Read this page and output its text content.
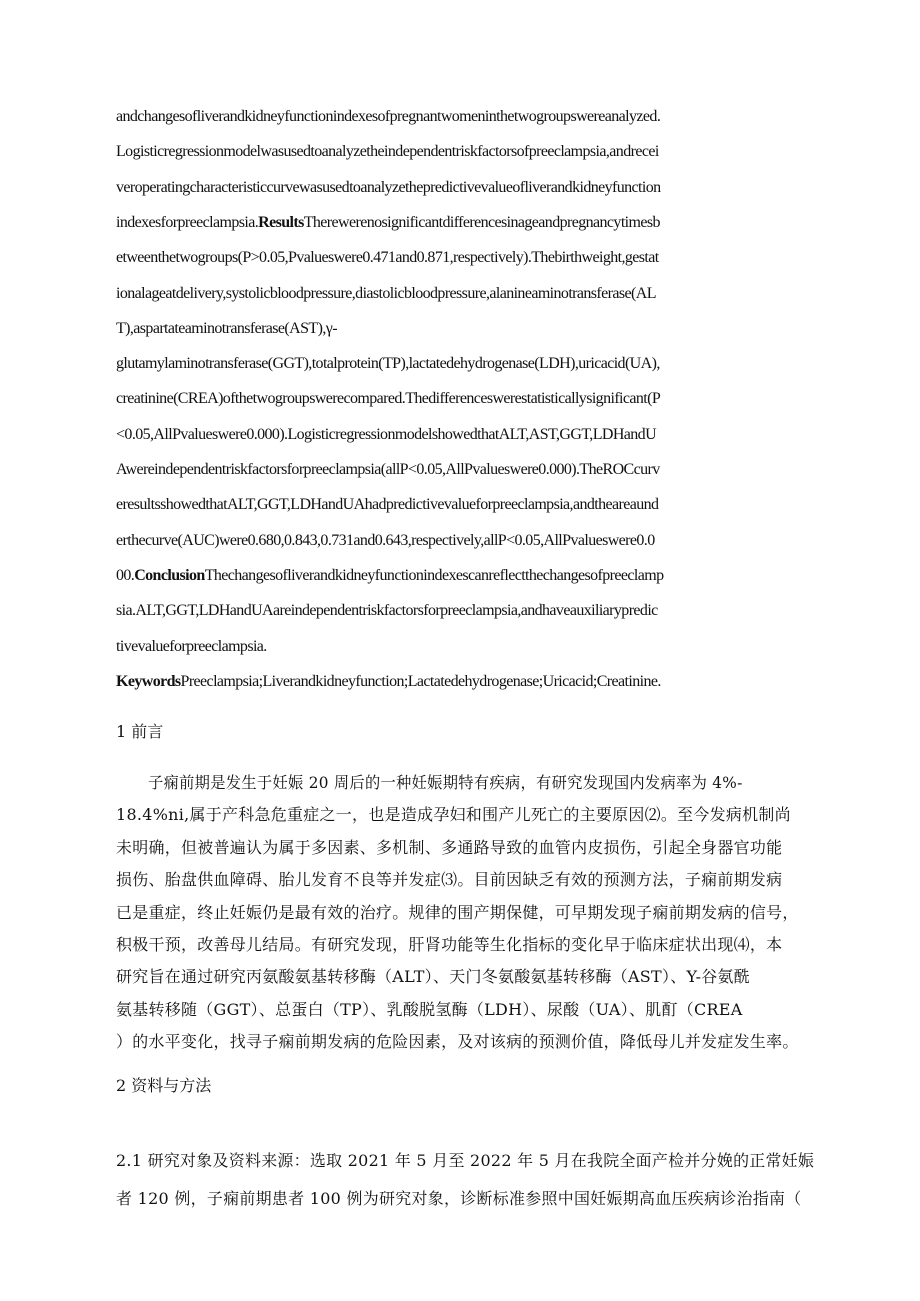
andchangesofliverandkidneyfunctionindexesofpregnantwomeninthetwogroupswereanalyzed.
Logisticregressionmodelwasusedtoanalyzetheindependentriskfactorsofpreeclampsia,andrecei
veroperatingcharacteristiccurvewasusedtoanalyzethepredictivevalueofliverandkidneyfunction
indexesforpreeclampsia.ResultsTherewerenosignificantdifferencesinageandpregnancytimesb
etweenthetwogroups(P>0.05,Pvalueswere0.471and0.871,respectively).Thebirthweight,gestat
ionalageatdelivery,systolicbloodpressure,diastolicbloodpressure,alanineaminotransferase(AL
T),aspartateaminotransferase(AST),γ-
glutamylaminotransferase(GGT),totalprotein(TP),lactatedehydrogenase(LDH),uricacid(UA),
creatinine(CREA)ofthetwogroupswerecompared.Thedifferenceswerestatisticallysignificant(P
<0.05,AllPvalueswere0.000).LogisticregressionmodelshowedthatALT,AST,GGT,LDHandU
Awereindependentriskfactorsforpreeclampsia(allP<0.05,AllPvalueswere0.000).TheROCcurv
eresultsshowedthatALT,GGT,LDHandUAhadpredictivevalueforpreeclampsia,andtheareaund
erthecurve(AUC)were0.680,0.843,0.731and0.643,respectively,allP<0.05,AllPvalueswere0.0
00.ConclusionThechangesofliverandkidneyfunctionindexescanreflectthechangesofpreeclamp
sia.ALT,GGT,LDHandUAareindependentriskfactorsforpreeclampsia,andhaveauxiliarypredic
tivevalueforpreeclampsia.
KeywordsPreeclampsia;Liverandkidneyfunction;Lactatedehydrogenase;Uricacid;Creatinine.
1 前言
子痫前期是发生于妊娠 20 周后的一种妊娠期特有疾病，有研究发现国内发病率为 4%-
18.4%ni,属于产科急危重症之一，也是造成孕妇和围产儿死亡的主要原因⑵。至今发病机制尚
未明确，但被普遍认为属于多因素、多机制、多通路导致的血管内皮损伤，引起全身器官功能
损伤、胎盘供血障碍、胎儿发育不良等并发症⑶。目前因缺乏有效的预测方法，子痫前期发病
已是重症，终止妊娠仍是最有效的治疗。规律的围产期保健，可早期发现子痫前期发病的信号，
积极干预，改善母儿结局。有研究发现，肝肾功能等生化指标的变化早于临床症状出现⑷，本
研究旨在通过研究丙氨酸氨基转移酶（ALT）、天门冬氨酸氨基转移酶（AST）、Y-谷氨酰
氨基转移随（GGT）、总蛋白（TP）、乳酸脱氢酶（LDH）、尿酸（UA）、肌酊（CREA
）的水平变化，找寻子痫前期发病的危险因素，及对该病的预测价值，降低母儿并发症发生率。
2 资料与方法
2.1 研究对象及资料来源：选取 2021 年 5 月至 2022 年 5 月在我院全面产检并分娩的正常妊娠
者 120 例，子痫前期患者 100 例为研究对象，诊断标准参照中国妊娠期高血压疾病诊治指南（
